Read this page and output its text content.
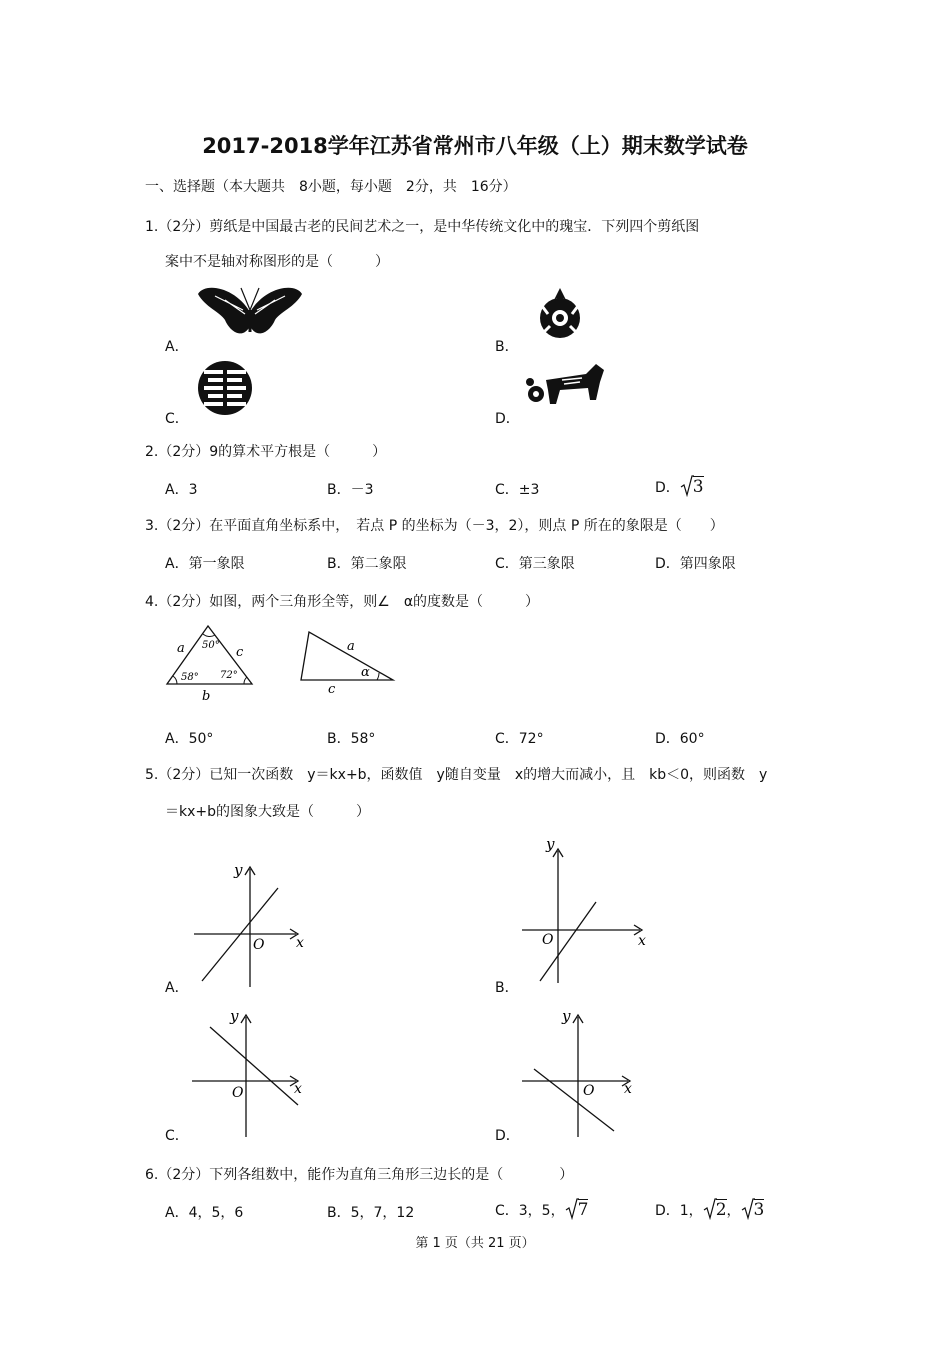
2017-2018学年江苏省常州市八年级（上）期末数学试卷
一、选择题（本大题共　8小题，每小题　2分，共　16分）
1.（2分）剪纸是中国最古老的民间艺术之一，是中华传统文化中的瑰宝．下列四个剪纸图
案中不是轴对称图形的是（　　　）
A．	B．
C．	D．
2.（2分）9的算术平方根是（　　　）
A．3	B．－3	C．±3	D． 3
3.（2分）在平面直角坐标系中，　若点 P 的坐标为（－3，2），则点 P 所在的象限是（　　）
A．第一象限	B．第二象限	C．第三象限	D．第四象限
4.（2分）如图，两个三角形全等，则∠　α的度数是（　　　）
a	c
b
50°
58° 72°
a
c
α
A．50°	B．58°	C．72°	D．60°
5.（2分）已知一次函数　y＝kx+b，函数值　y随自变量　x的增大而减小，且　kb＜0，则函数　y
＝kx+b的图象大致是（　　　）
y
x
O
A．
y
x
O
B．
y
x
O
C．
y
x
O
D．
6.（2分）下列各组数中，能作为直角三角形三边长的是（　　　　）
A．4，5，6	B．5，7，12	C．3，5， 7	D．1， 2， 3
第 1 页（共 21 页）
